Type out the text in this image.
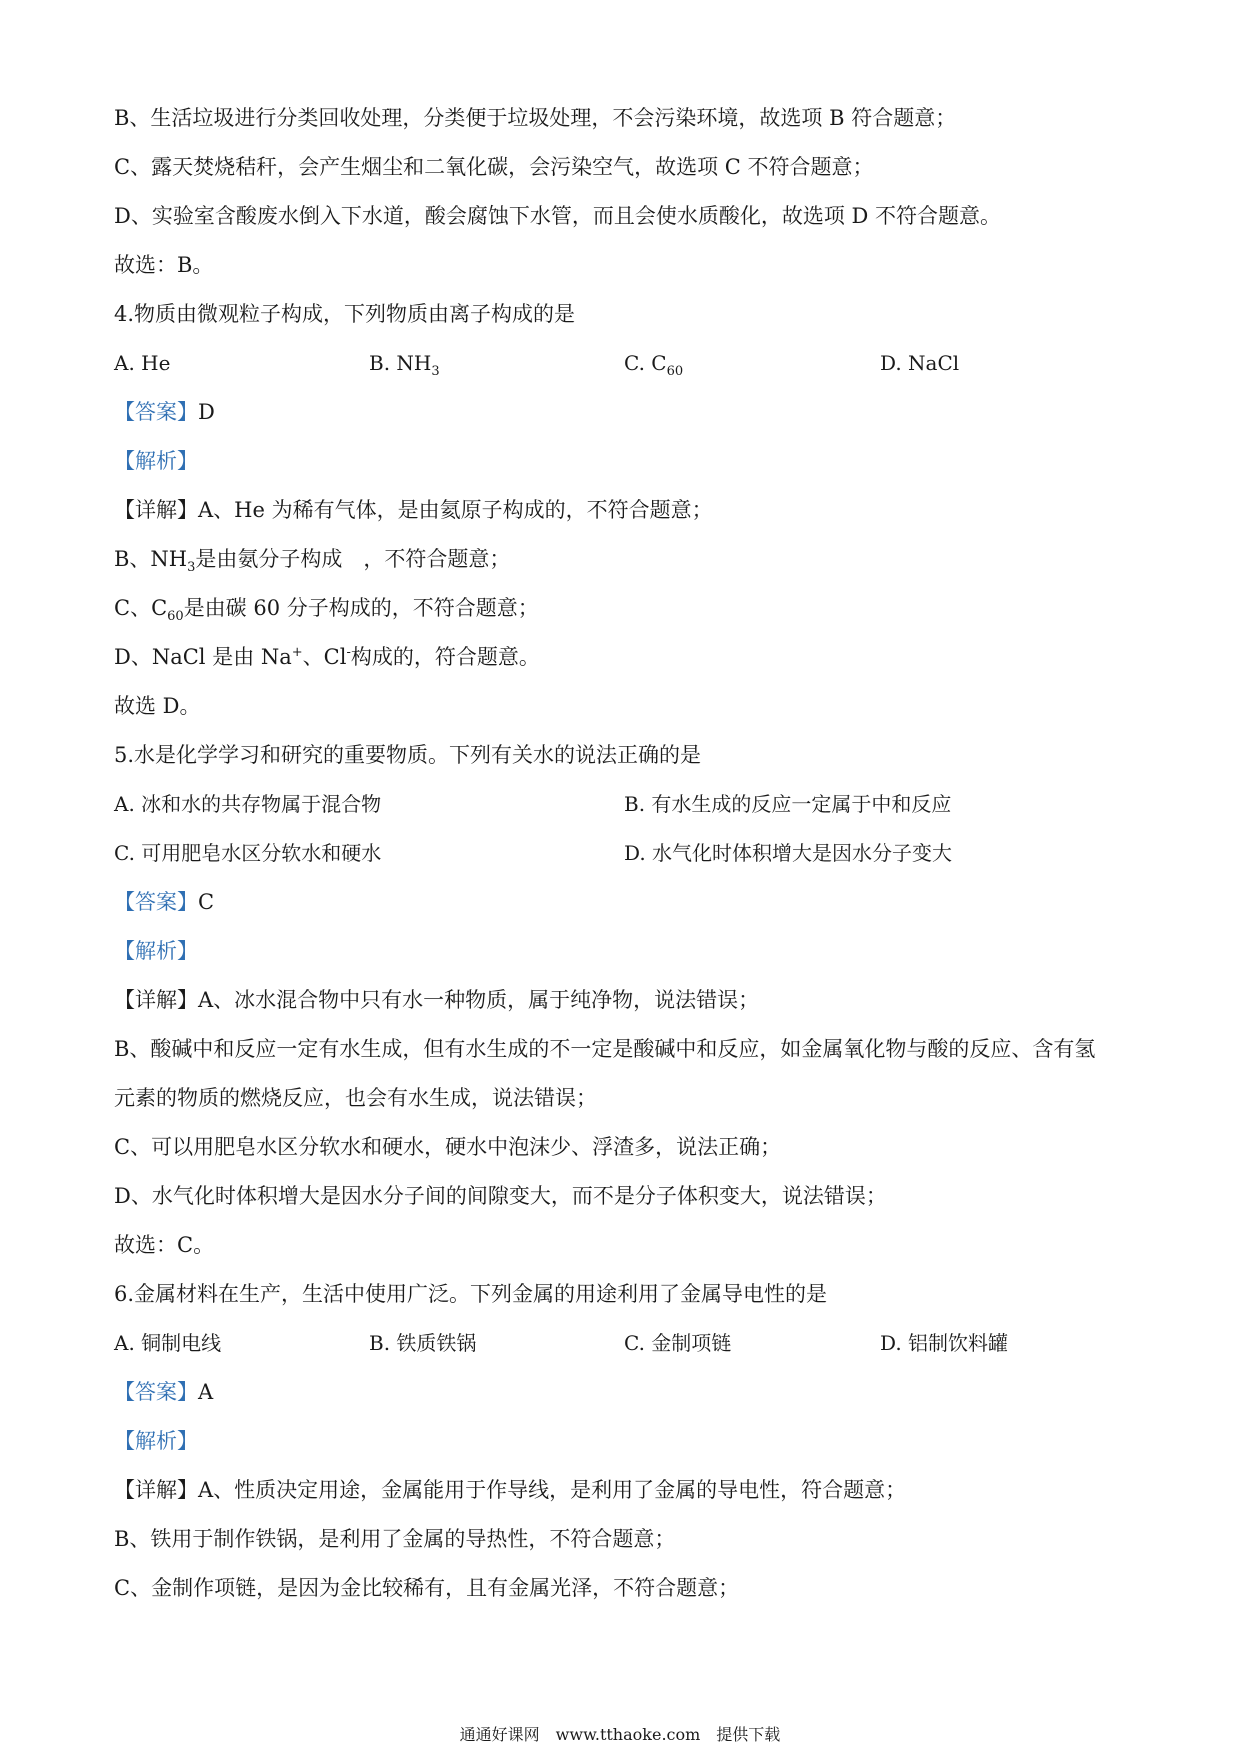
B、生活垃圾进行分类回收处理，分类便于垃圾处理，不会污染环境，故选项 B 符合题意；
C、露天焚烧秸秆，会产生烟尘和二氧化碳，会污染空气，故选项 C 不符合题意；
D、实验室含酸废水倒入下水道，酸会腐蚀下水管，而且会使水质酸化，故选项 D 不符合题意。
故选：B。
4.物质由微观粒子构成，下列物质由离子构成的是
A. He	B. $NH_3$	C. $C_{60}$	D. NaCl
【答案】D
【解析】
【详解】A、He 为稀有气体，是由氦原子构成的，不符合题意；
B、$NH_3$是由氨分子构成　，不符合题意；
C、$C_{60}$是由碳 60 分子构成的，不符合题意；
D、NaCl 是由 Na+、Cl-构成的，符合题意。
故选 D。
5.水是化学学习和研究的重要物质。下列有关水的说法正确的是
A. 冰和水的共存物属于混合物	B. 有水生成的反应一定属于中和反应
C. 可用肥皂水区分软水和硬水	D. 水气化时体积增大是因水分子变大
【答案】C
【解析】
【详解】A、冰水混合物中只有水一种物质，属于纯净物，说法错误；
B、酸碱中和反应一定有水生成，但有水生成的不一定是酸碱中和反应，如金属氧化物与酸的反应、含有氢
元素的物质的燃烧反应，也会有水生成，说法错误；
C、可以用肥皂水区分软水和硬水，硬水中泡沫少、浮渣多，说法正确；
D、水气化时体积增大是因水分子间的间隙变大，而不是分子体积变大，说法错误；
故选：C。
6.金属材料在生产，生活中使用广泛。下列金属的用途利用了金属导电性的是
A. 铜制电线	B. 铁质铁锅	C. 金制项链	D. 铝制饮料罐
【答案】A
【解析】
【详解】A、性质决定用途，金属能用于作导线，是利用了金属的导电性，符合题意；
B、铁用于制作铁锅，是利用了金属的导热性，不符合题意；
C、金制作项链，是因为金比较稀有，且有金属光泽，不符合题意；
通通好课网　www.tthaoke.com　提供下载
